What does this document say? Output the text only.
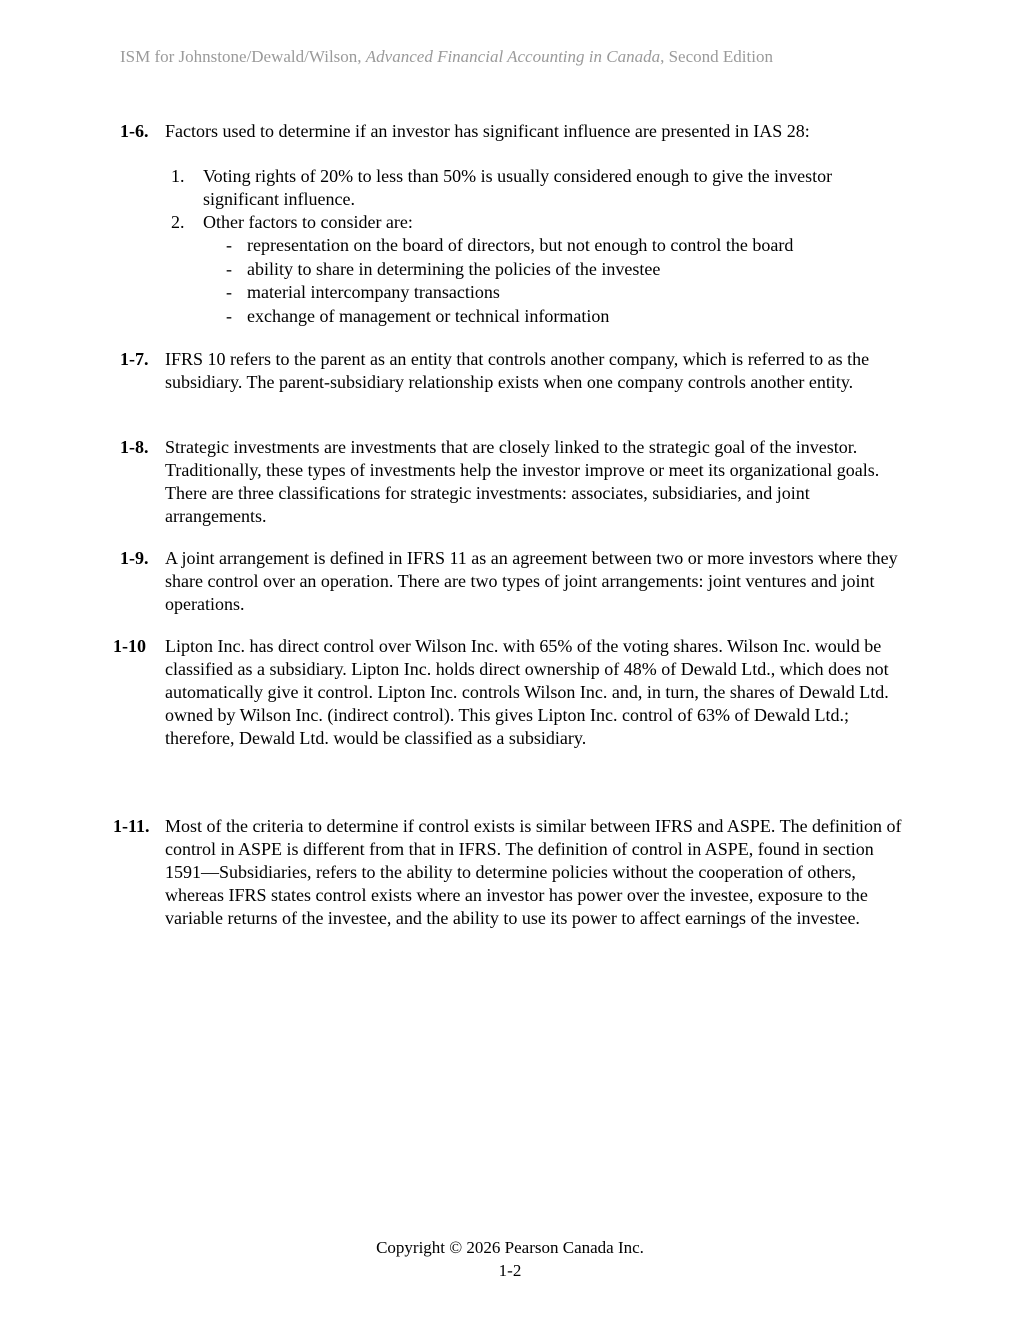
ISM for Johnstone/Dewald/Wilson, Advanced Financial Accounting in Canada, Second Edition
1-6. Factors used to determine if an investor has significant influence are presented in IAS 28:

1. Voting rights of 20% to less than 50% is usually considered enough to give the investor significant influence.
2. Other factors to consider are:
- representation on the board of directors, but not enough to control the board
- ability to share in determining the policies of the investee
- material intercompany transactions
- exchange of management or technical information
1-7. IFRS 10 refers to the parent as an entity that controls another company, which is referred to as the subsidiary. The parent-subsidiary relationship exists when one company controls another entity.

1-8. Strategic investments are investments that are closely linked to the strategic goal of the investor. Traditionally, these types of investments help the investor improve or meet its organizational goals. There are three classifications for strategic investments: associates, subsidiaries, and joint arrangements.

1-9. A joint arrangement is defined in IFRS 11 as an agreement between two or more investors where they share control over an operation. There are two types of joint arrangements: joint ventures and joint operations.

1-10 Lipton Inc. has direct control over Wilson Inc. with 65% of the voting shares. Wilson Inc. would be classified as a subsidiary. Lipton Inc. holds direct ownership of 48% of Dewald Ltd., which does not automatically give it control. Lipton Inc. controls Wilson Inc. and, in turn, the shares of Dewald Ltd. owned by Wilson Inc. (indirect control). This gives Lipton Inc. control of 63% of Dewald Ltd.; therefore, Dewald Ltd. would be classified as a subsidiary.

1-11. Most of the criteria to determine if control exists is similar between IFRS and ASPE. The definition of control in ASPE is different from that in IFRS. The definition of control in ASPE, found in section 1591—Subsidiaries, refers to the ability to determine policies without the cooperation of others, whereas IFRS states control exists where an investor has power over the investee, exposure to the variable returns of the investee, and the ability to use its power to affect earnings of the investee.

Copyright © 2026 Pearson Canada Inc.
1-2
